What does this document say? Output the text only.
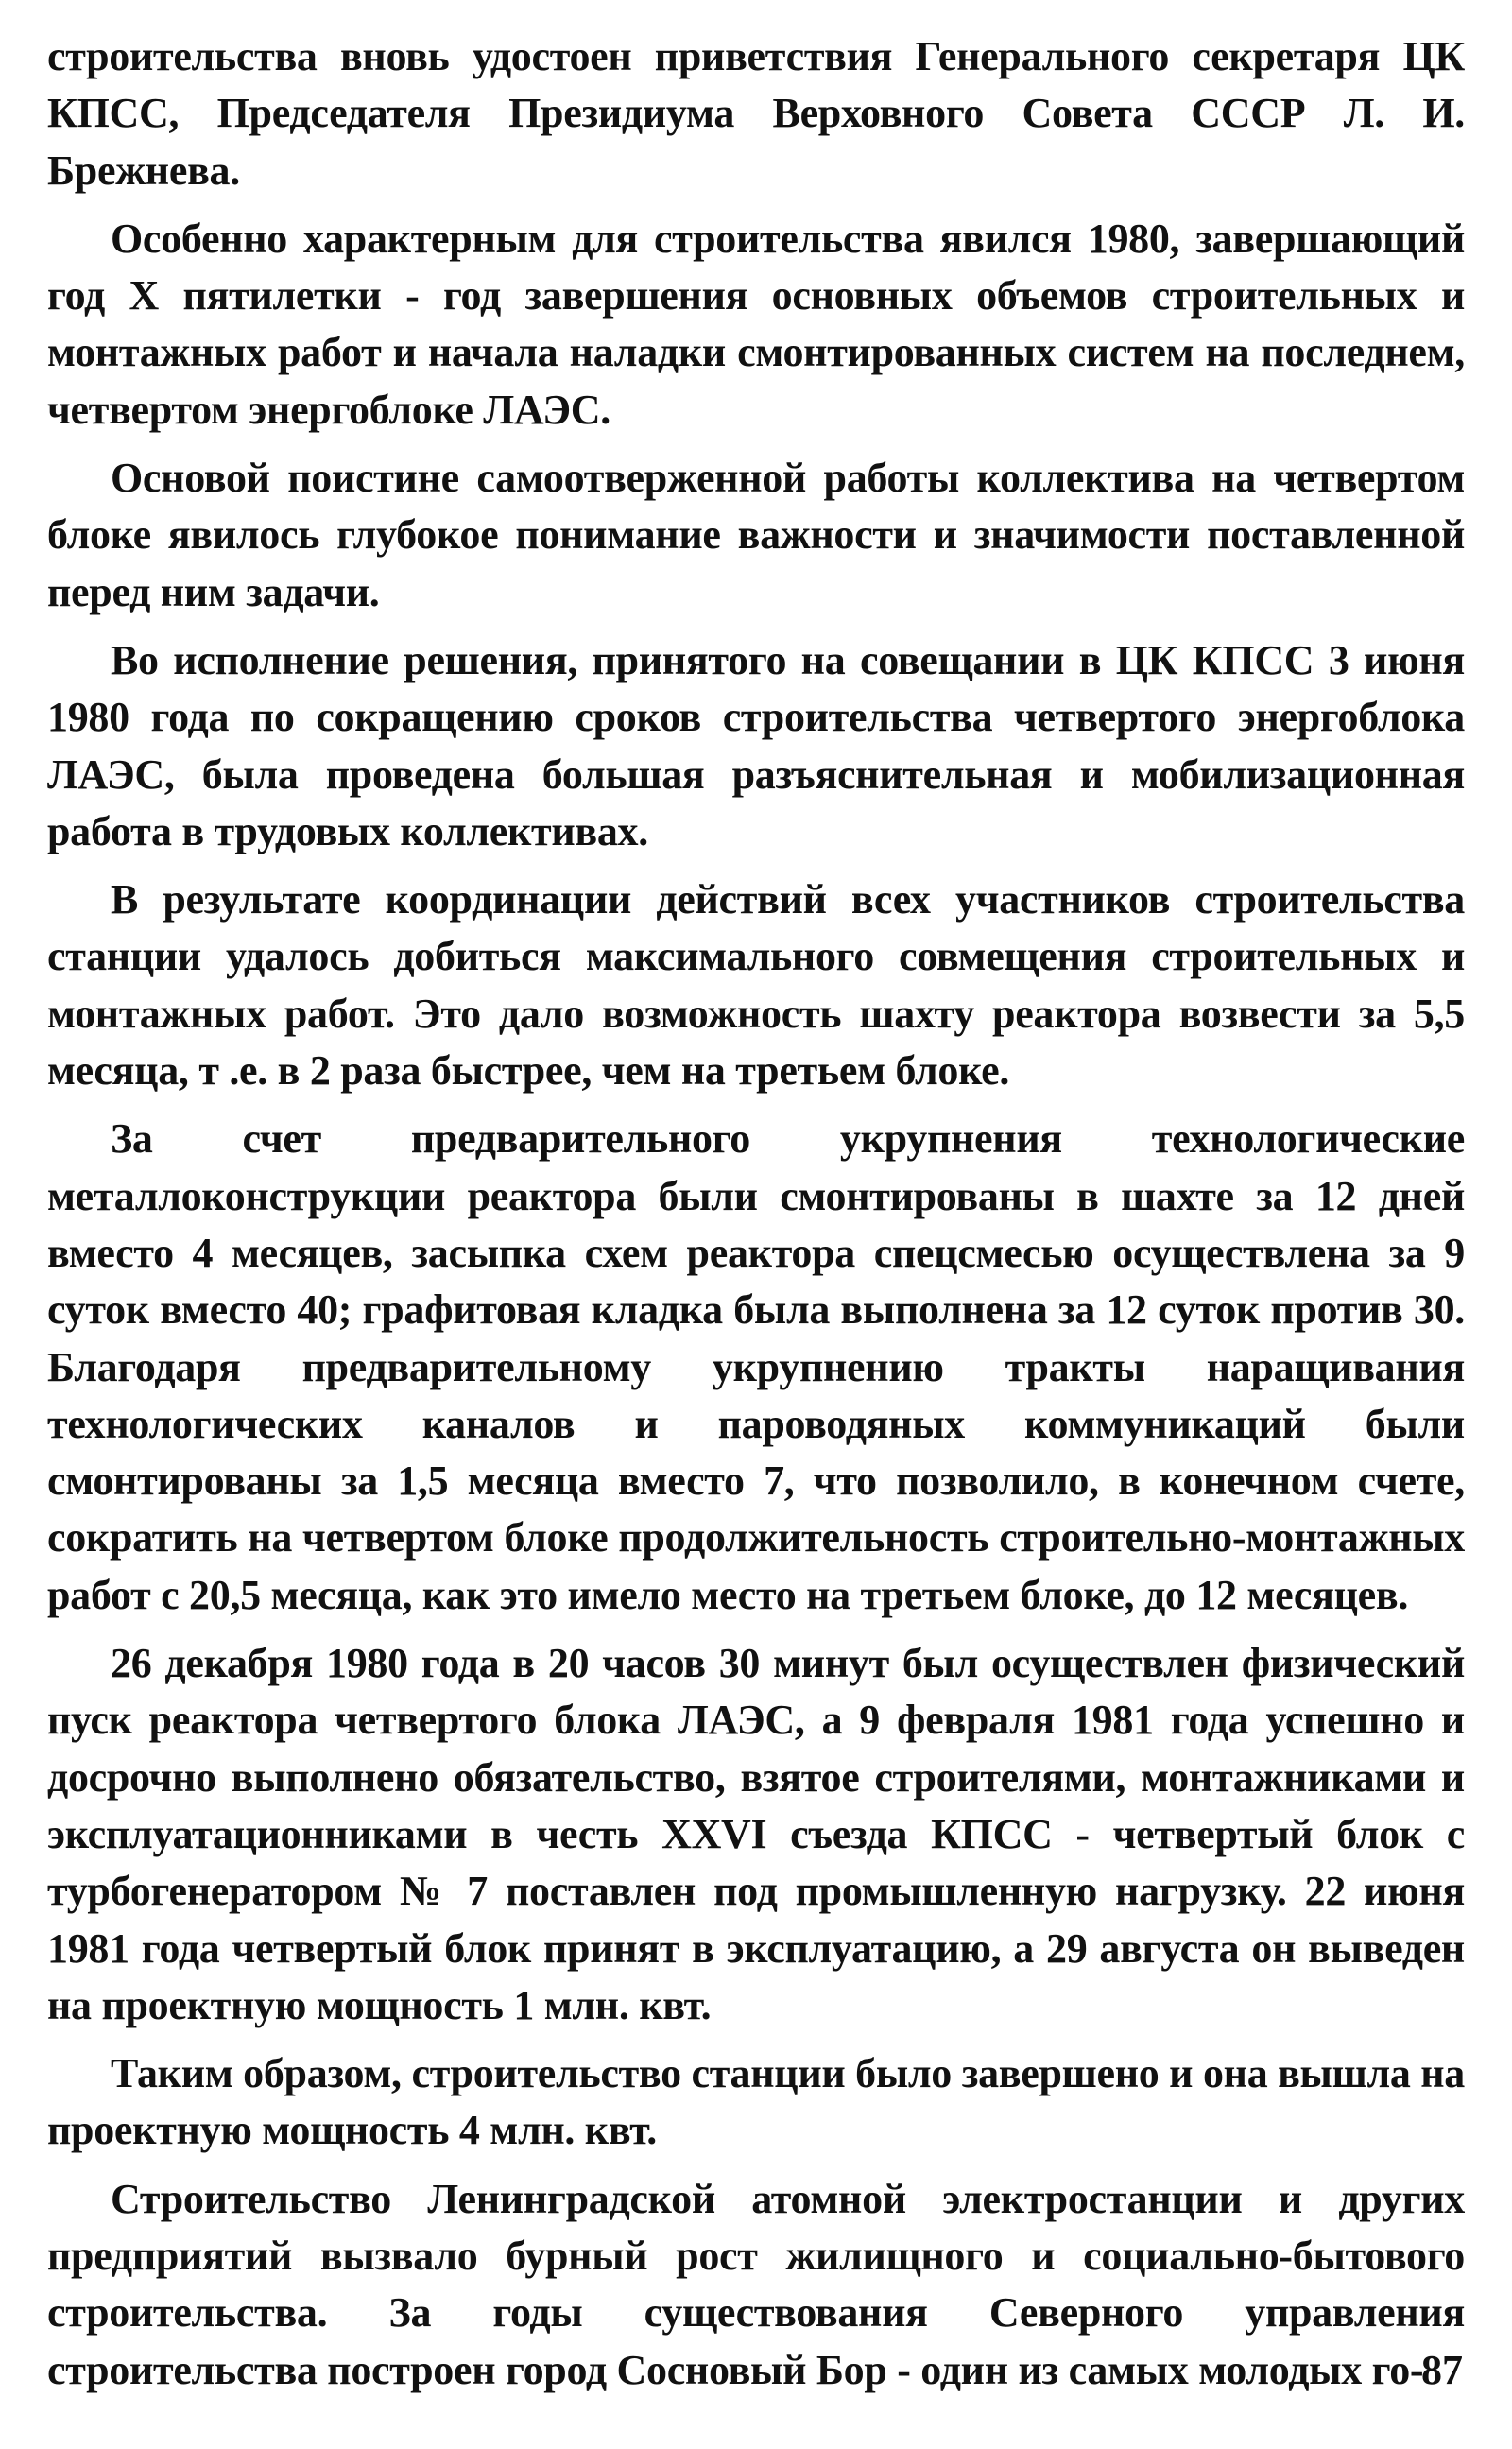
строительства вновь удостоен приветствия Генерального секретаря ЦК КПСС, Председателя Президиума Верховного Совета СССР Л. И. Брежнева.

Особенно характерным для строительства явился 1980, завершающий год X пятилетки - год завершения основных объемов строительных и монтажных работ и начала наладки смонтированных систем на последнем, четвертом энергоблоке ЛАЭС.

Основой поистине самоотверженной работы коллектива на четвертом блоке явилось глубокое понимание важности и значимости поставленной перед ним задачи.

Во исполнение решения, принятого на совещании в ЦК КПСС 3 июня 1980 года по сокращению сроков строительства четвертого энергоблока ЛАЭС, была проведена большая разъяснительная и мобилизационная работа в трудовых коллективах.

В результате координации действий всех участников строительства станции удалось добиться максимального совмещения строительных и монтажных работ. Это дало возможность шахту реактора возвести за 5,5 месяца, т .е. в 2 раза быстрее, чем на третьем блоке.

За счет предварительного укрупнения технологические металлоконструкции реактора были смонтированы в шахте за 12 дней вместо 4 месяцев, засыпка схем реактора спецсмесью осуществлена за 9 суток вместо 40; графитовая кладка была выполнена за 12 суток против 30. Благодаря предварительному укрупнению тракты наращивания технологических каналов и пароводяных коммуникаций были смонтированы за 1,5 месяца вместо 7, что позволило, в конечном счете, сократить на четвертом блоке продолжительность строительно-монтажных работ с 20,5 месяца, как это имело место на третьем блоке, до 12 месяцев.

26 декабря 1980 года в 20 часов 30 минут был осуществлен физический пуск реактора четвертого блока ЛАЭС, а 9 февраля 1981 года успешно и досрочно выполнено обязательство, взятое строителями, монтажниками и эксплуатационниками в честь XXVI съезда КПСС - четвертый блок с турбогенератором № 7 поставлен под промышленную нагрузку. 22 июня 1981 года четвертый блок принят в эксплуатацию, а 29 августа он выведен на проектную мощность 1 млн. квт.

Таким образом, строительство станции было завершено и она вышла на проектную мощность 4 млн. квт.

Строительство Ленинградской атомной электростанции и других предприятий вызвало бурный рост жилищного и социально-бытового строительства. За годы существования Северного управления строительства построен город Сосновый Бор - один из самых молодых го-

87
